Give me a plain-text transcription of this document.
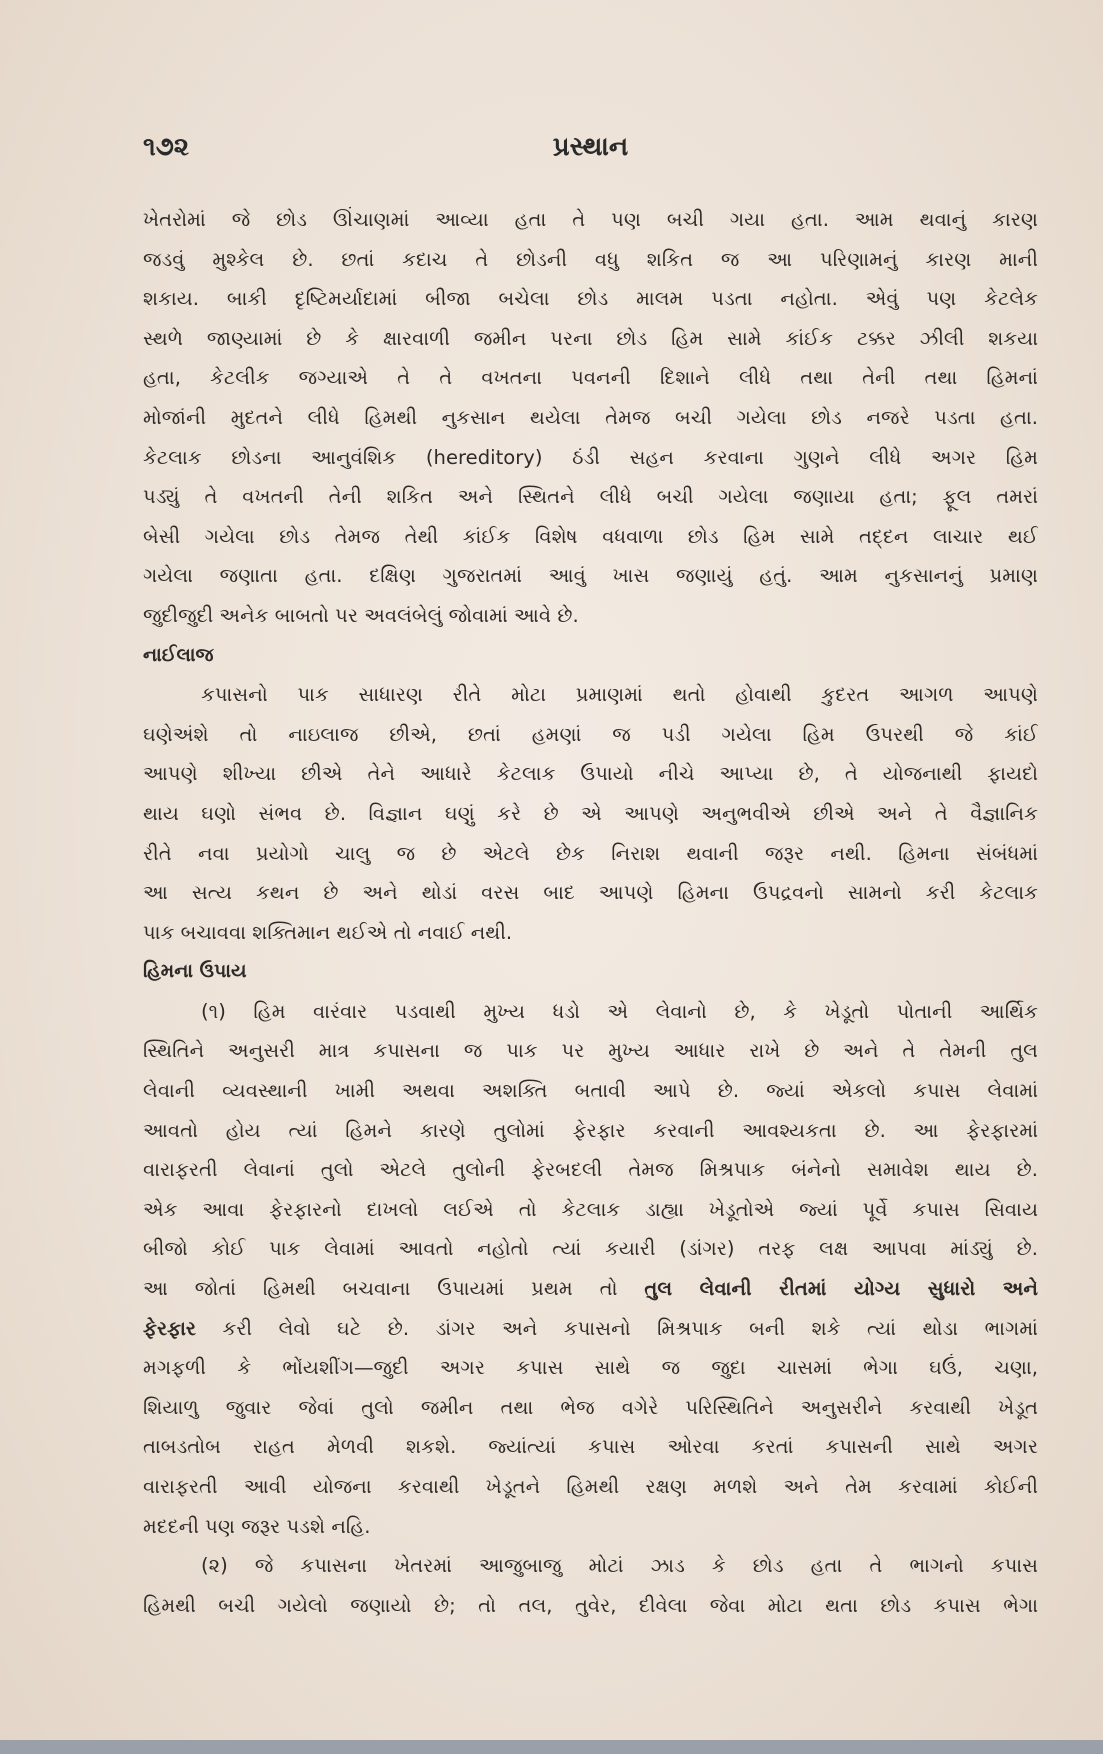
૧૭૨	પ્રસ્થાન
ખેતરોમાં જે છોડ ઊંચાણમાં આવ્યા હતા તે પણ બચી ગયા હતા. આમ થવાનું કારણ
જડવું મુશ્કેલ છે. છતાં કદાચ તે છોડની વધુ શકિત જ આ પરિણામનું કારણ માની
શકાય. બાકી દૃષ્ટિમર્યાદામાં બીજા બચેલા છોડ માલમ પડતા નહોતા. એવું પણ કેટલેક
સ્થળે જાણ્યામાં છે કે ક્ષારવાળી જમીન પરના છોડ હિમ સામે કાંઈક ટક્કર ઝીલી શકયા
હતા, કેટલીક જગ્યાએ તે તે વખતના પવનની દિશાને લીધે તથા તેની તથા હિમનાં
મોજાંની મુદતને લીધે હિમથી નુકસાન થયેલા તેમજ બચી ગયેલા છોડ નજરે પડતા હતા.
કેટલાક છોડના આનુવંશિક (hereditory) ઠંડી સહન કરવાના ગુણને લીધે અગર હિમ
પડ્યું તે વખતની તેની શકિત અને સ્થિતને લીધે બચી ગયેલા જણાયા હતા; ફૂલ તમરાં
બેસી ગયેલા છોડ તેમજ તેથી કાંઈક વિશેષ વધવાળા છોડ હિમ સામે તદ્દન લાચાર થઈ
ગયેલા જણાતા હતા. દક્ષિણ ગુજરાતમાં આવું ખાસ જણાયું હતું. આમ નુકસાનનું પ્રમાણ
જુદીજુદી અનેક બાબતો પર અવલંબેલું જોવામાં આવે છે.
નાઈલાજ
કપાસનો પાક સાધારણ રીતે મોટા પ્રમાણમાં થતો હોવાથી કુદરત આગળ આપણે
ઘણેઅંશે તો નાઇલાજ છીએ, છતાં હમણાં જ પડી ગયેલા હિમ ઉપરથી જે કાંઈ
આપણે શીખ્યા છીએ તેને આધારે કેટલાક ઉપાયો નીચે આપ્યા છે, તે યોજનાથી ફાયદો
થાય ઘણો સંભવ છે. વિજ્ઞાન ઘણું કરે છે એ આપણે અનુભવીએ છીએ અને તે વૈજ્ઞાનિક
રીતે નવા પ્રયોગો ચાલુ જ છે એટલે છેક નિરાશ થવાની જરૂર નથી. હિમના સંબંધમાં
આ સત્ય કથન છે અને થોડાં વરસ બાદ આપણે હિમના ઉપદ્રવનો સામનો કરી કેટલાક
પાક બચાવવા શક્તિમાન થઈએ તો નવાઈ નથી.
હિમના ઉપાય
(૧) હિમ વારંવાર પડવાથી મુખ્ય ધડો એ લેવાનો છે, કે ખેડૂતો પોતાની આર્થિક
સ્થિતિને અનુસરી માત્ર કપાસના જ પાક પર મુખ્ય આધાર રાખે છે અને તે તેમની તુલ
લેવાની વ્યવસ્થાની ખામી અથવા અશક્તિ બતાવી આપે છે. જ્યાં એકલો કપાસ લેવામાં
આવતો હોય ત્યાં હિમને કારણે તુલોમાં ફેરફાર કરવાની આવશ્યકતા છે. આ ફેરફારમાં
વારાફરતી લેવાનાં તુલો એટલે તુલોની ફેરબદલી તેમજ મિશ્રપાક બંનેનો સમાવેશ થાય છે.
એક આવા ફેરફારનો દાખલો લઈએ તો કેટલાક ડાહ્યા ખેડૂતોએ જ્યાં પૂર્વે કપાસ સિવાય
બીજો કોઈ પાક લેવામાં આવતો નહોતો ત્યાં કયારી (ડાંગર) તરફ લક્ષ આપવા માંડ્યું છે.
આ જોતાં હિમથી બચવાના ઉપાયમાં પ્રથમ તો તુલ લેવાની રીતમાં યોગ્ય સુધારો અને
ફેરફાર કરી લેવો ઘટે છે. ડાંગર અને કપાસનો મિશ્રપાક બની શકે ત્યાં થોડા ભાગમાં
મગફળી કે ભોંયશીંગ—જુદી અગર કપાસ સાથે જ જુદા ચાસમાં ભેગા ઘઉં, ચણા,
શિયાળુ જુવાર જેવાં તુલો જમીન તથા ભેજ વગેરે પરિસ્થિતિને અનુસરીને કરવાથી ખેડૂત
તાબડતોબ રાહત મેળવી શકશે. જ્યાંત્યાં કપાસ ઓરવા કરતાં કપાસની સાથે અગર
વારાફરતી આવી યોજના કરવાથી ખેડૂતને હિમથી રક્ષણ મળશે અને તેમ કરવામાં કોઈની
મદદની પણ જરૂર પડશે નહિ.
(૨) જે કપાસના ખેતરમાં આજુબાજુ મોટાં ઝાડ કે છોડ હતા તે ભાગનો કપાસ
હિમથી બચી ગયેલો જણાયો છે; તો તલ, તુવેર, દીવેલા જેવા મોટા થતા છોડ કપાસ ભેગા
